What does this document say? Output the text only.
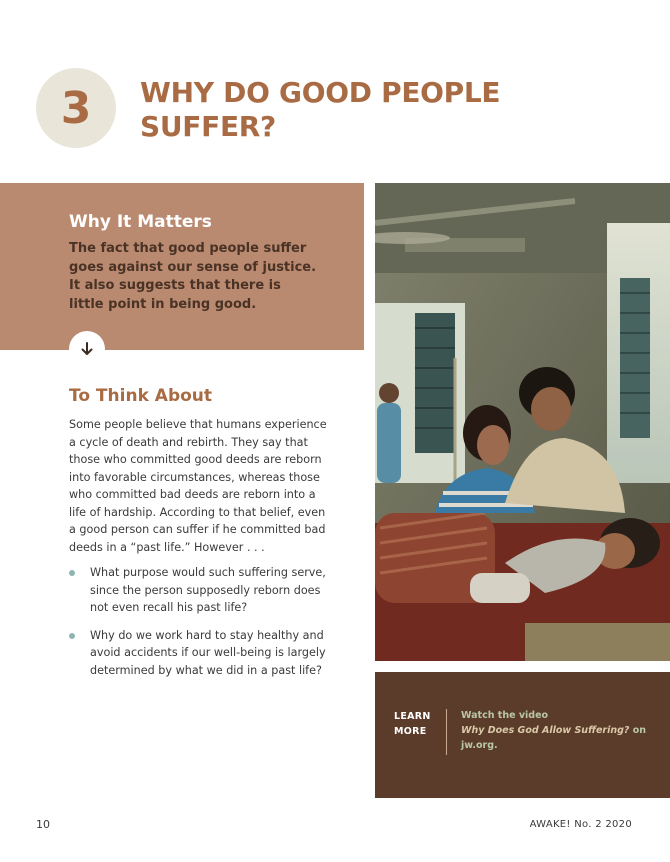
3 WHY DO GOOD PEOPLE SUFFER?
Why It Matters

The fact that good people suffer goes against our sense of justice. It also suggests that there is little point in being good.

To Think About

Some people believe that humans experience a cycle of death and rebirth. They say that those who committed good deeds are reborn into favorable circumstances, whereas those who committed bad deeds are reborn into a life of hardship. According to that belief, even a good person can suffer if he committed bad deeds in a “past life.” However . . .

What purpose would such suffering serve, since the person supposedly reborn does not even recall his past life?
Why do we work hard to stay healthy and avoid accidents if our well-being is largely determined by what we did in a past life?
LEARN MORE
Watch the video
Why Does God Allow Suffering? on jw.org.
10	AWAKE! No. 2 2020
